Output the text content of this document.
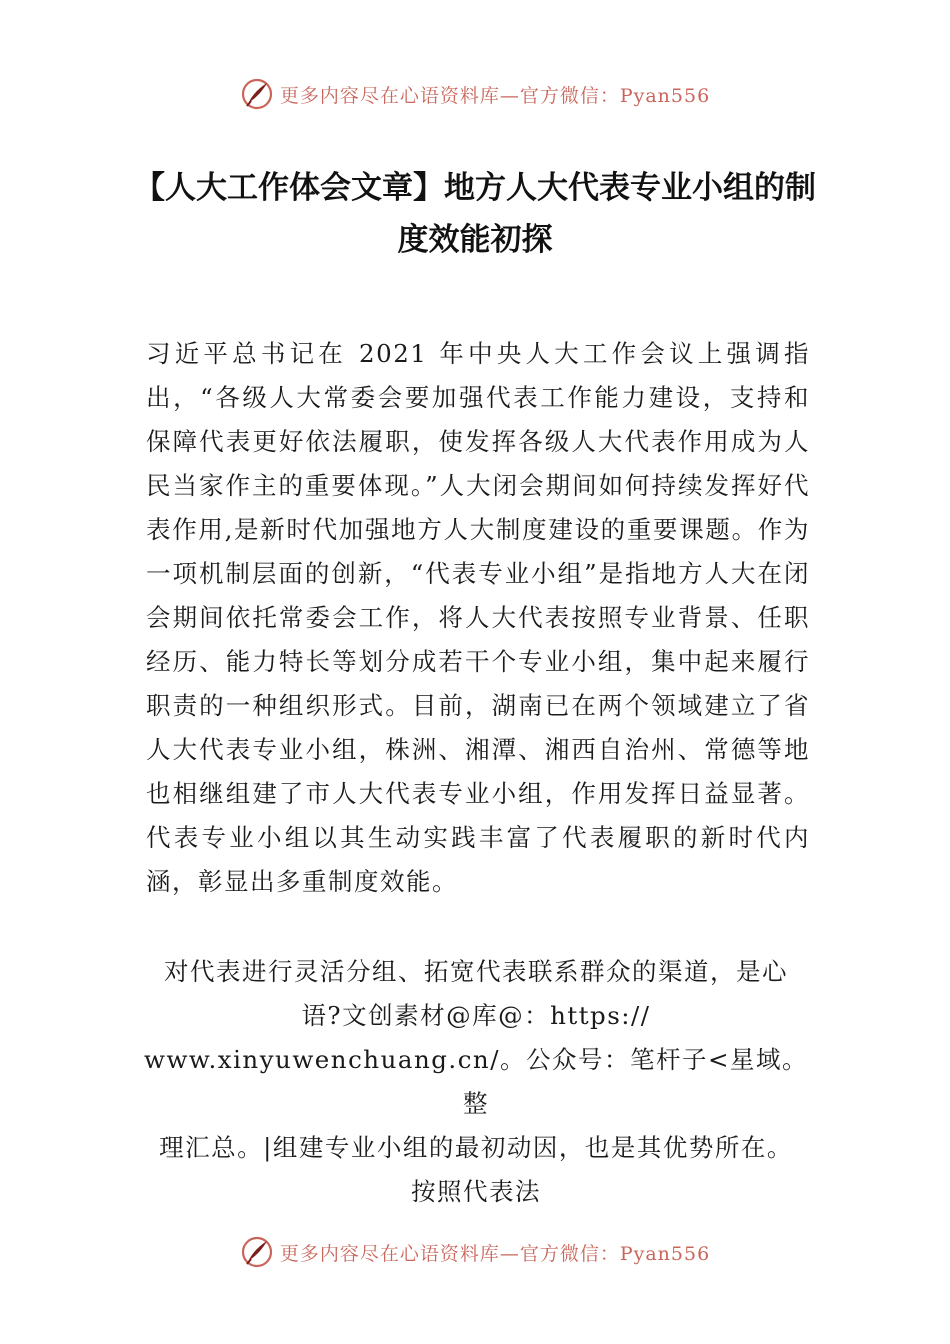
更多内容尽在心语资料库—官方微信：Pyan556
【人大工作体会文章】地方人大代表专业小组的制度效能初探

习近平总书记在 2021 年中央人大工作会议上强调指出，“各级人大常委会要加强代表工作能力建设，支持和保障代表更好依法履职，使发挥各级人大代表作用成为人民当家作主的重要体现。”人大闭会期间如何持续发挥好代表作用,是新时代加强地方人大制度建设的重要课题。作为一项机制层面的创新，“代表专业小组”是指地方人大在闭会期间依托常委会工作，将人大代表按照专业背景、任职经历、能力特长等划分成若干个专业小组，集中起来履行职责的一种组织形式。目前，湖南已在两个领域建立了省人大代表专业小组，株洲、湘潭、湘西自治州、常德等地也相继组建了市人大代表专业小组，作用发挥日益显著。代表专业小组以其生动实践丰富了代表履职的新时代内涵，彰显出多重制度效能。

对代表进行灵活分组、拓宽代表联系群众的渠道，是心
语?文创素材@库@：https://
www.xinyuwenchuang.cn/。公众号：笔杆子<星域。整
理汇总。|组建专业小组的最初动因，也是其优势所在。
按照代表法

更多内容尽在心语资料库—官方微信：Pyan556
